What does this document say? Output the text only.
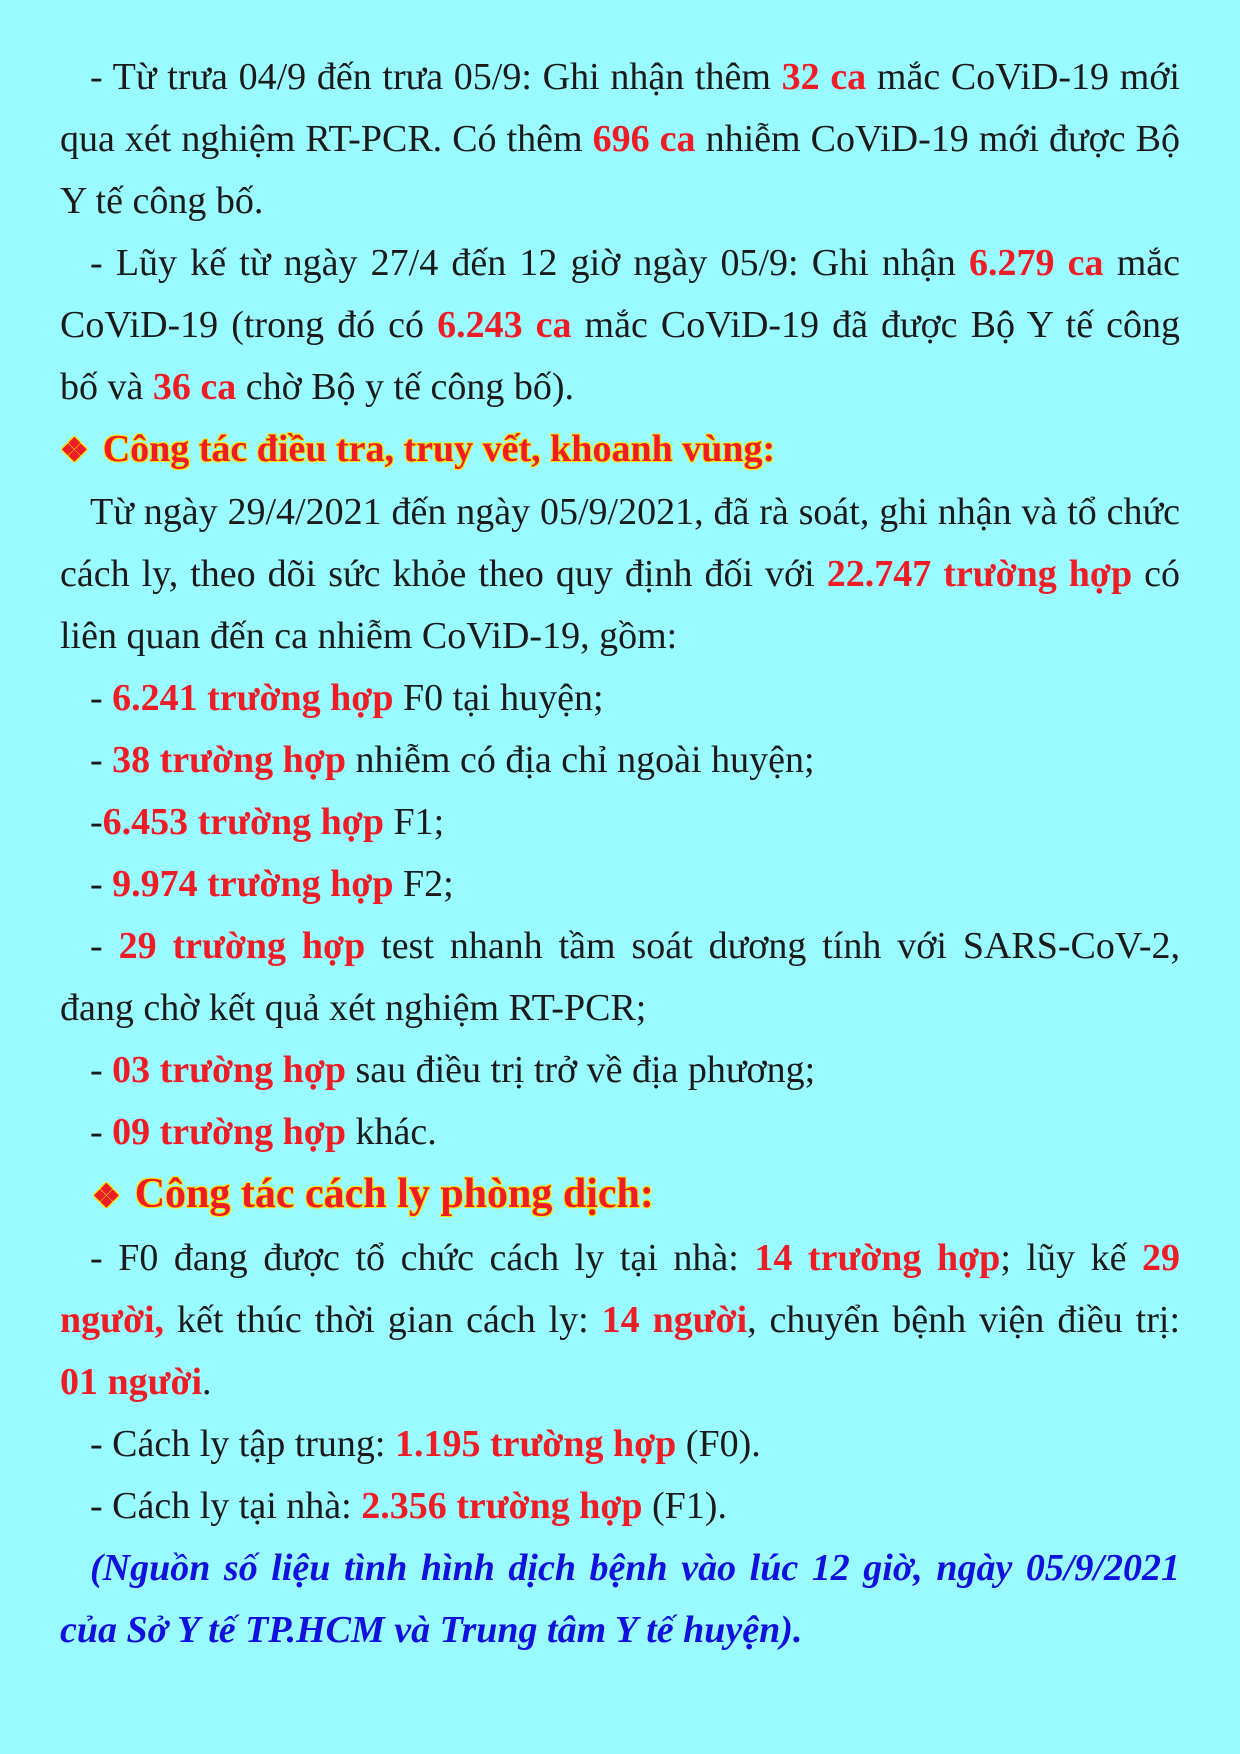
- Từ trưa 04/9 đến trưa 05/9: Ghi nhận thêm 32 ca mắc CoViD-19 mới qua xét nghiệm RT-PCR. Có thêm 696 ca nhiễm CoViD-19 mới được Bộ Y tế công bố.

- Lũy kế từ ngày 27/4 đến 12 giờ ngày 05/9: Ghi nhận 6.279 ca mắc CoViD-19 (trong đó có 6.243 ca mắc CoViD-19 đã được Bộ Y tế công bố và 36 ca chờ Bộ y tế công bố).

❖ Công tác điều tra, truy vết, khoanh vùng:

Từ ngày 29/4/2021 đến ngày 05/9/2021, đã rà soát, ghi nhận và tổ chức cách ly, theo dõi sức khỏe theo quy định đối với 22.747 trường hợp có liên quan đến ca nhiễm CoViD-19, gồm:

- 6.241 trường hợp F0 tại huyện;

- 38 trường hợp nhiễm có địa chỉ ngoài huyện;

-6.453 trường hợp F1;

- 9.974 trường hợp F2;

- 29 trường hợp test nhanh tầm soát dương tính với SARS-CoV-2, đang chờ kết quả xét nghiệm RT-PCR;

- 03 trường hợp sau điều trị trở về địa phương;

- 09 trường hợp khác.

❖ Công tác cách ly phòng dịch:

- F0 đang được tổ chức cách ly tại nhà: 14 trường hợp; lũy kế 29 người, kết thúc thời gian cách ly: 14 người, chuyển bệnh viện điều trị: 01 người.

- Cách ly tập trung: 1.195 trường hợp (F0).

- Cách ly tại nhà: 2.356 trường hợp (F1).

(Nguồn số liệu tình hình dịch bệnh vào lúc 12 giờ, ngày 05/9/2021 của Sở Y tế TP.HCM và Trung tâm Y tế huyện).
